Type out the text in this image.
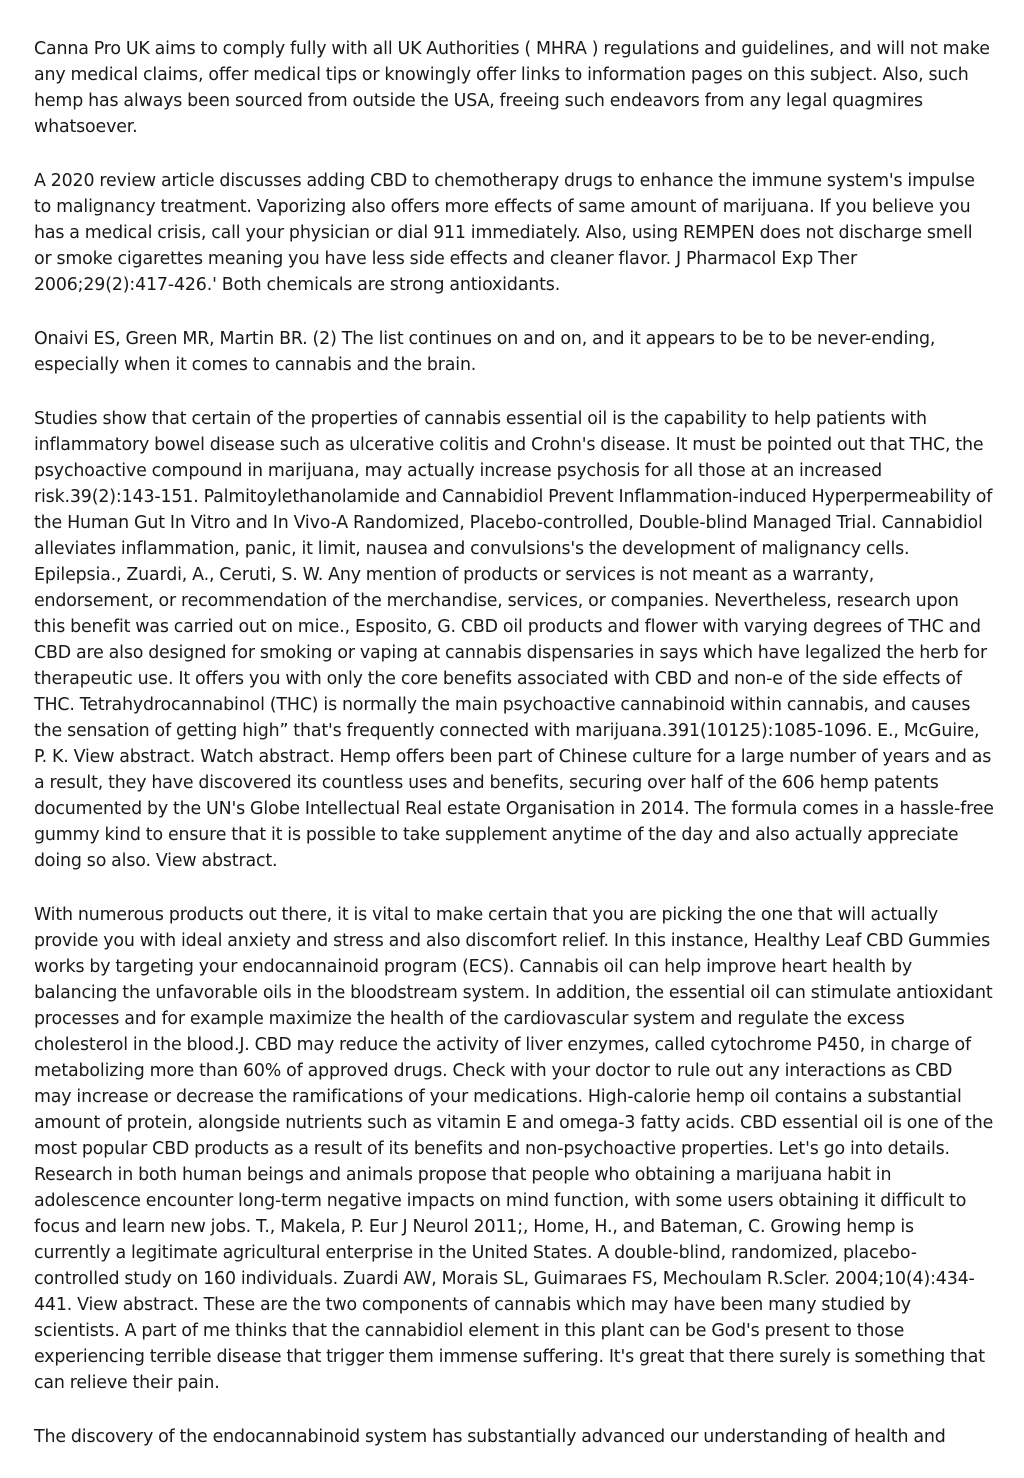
Canna Pro UK aims to comply fully with all UK Authorities ( MHRA ) regulations and guidelines, and will not make any medical claims, offer medical tips or knowingly offer links to information pages on this subject. Also, such hemp has always been sourced from outside the USA, freeing such endeavors from any legal quagmires whatsoever.

A 2020 review article discusses adding CBD to chemotherapy drugs to enhance the immune system's impulse to malignancy treatment. Vaporizing also offers more effects of same amount of marijuana. If you believe you has a medical crisis, call your physician or dial 911 immediately. Also, using REMPEN does not discharge smell or smoke cigarettes meaning you have less side effects and cleaner flavor. J Pharmacol Exp Ther 2006;29(2):417-426.' Both chemicals are strong antioxidants.

Onaivi ES, Green MR, Martin BR. (2) The list continues on and on, and it appears to be to be never-ending, especially when it comes to cannabis and the brain.

Studies show that certain of the properties of cannabis essential oil is the capability to help patients with inflammatory bowel disease such as ulcerative colitis and Crohn's disease. It must be pointed out that THC, the psychoactive compound in marijuana, may actually increase psychosis for all those at an increased risk.39(2):143-151. Palmitoylethanolamide and Cannabidiol Prevent Inflammation-induced Hyperpermeability of the Human Gut In Vitro and In Vivo-A Randomized, Placebo-controlled, Double-blind Managed Trial. Cannabidiol alleviates inflammation, panic, it limit, nausea and convulsions's the development of malignancy cells. Epilepsia., Zuardi, A., Ceruti, S. W. Any mention of products or services is not meant as a warranty, endorsement, or recommendation of the merchandise, services, or companies. Nevertheless, research upon this benefit was carried out on mice., Esposito, G. CBD oil products and flower with varying degrees of THC and CBD are also designed for smoking or vaping at cannabis dispensaries in says which have legalized the herb for therapeutic use. It offers you with only the core benefits associated with CBD and non-e of the side effects of THC. Tetrahydrocannabinol (THC) is normally the main psychoactive cannabinoid within cannabis, and causes the sensation of getting high” that's frequently connected with marijuana.391(10125):1085-1096. E., McGuire, P. K. View abstract. Watch abstract. Hemp offers been part of Chinese culture for a large number of years and as a result, they have discovered its countless uses and benefits, securing over half of the 606 hemp patents documented by the UN's Globe Intellectual Real estate Organisation in 2014. The formula comes in a hassle-free gummy kind to ensure that it is possible to take supplement anytime of the day and also actually appreciate doing so also. View abstract.

With numerous products out there, it is vital to make certain that you are picking the one that will actually provide you with ideal anxiety and stress and also discomfort relief. In this instance, Healthy Leaf CBD Gummies works by targeting your endocannainoid program (ECS). Cannabis oil can help improve heart health by balancing the unfavorable oils in the bloodstream system. In addition, the essential oil can stimulate antioxidant processes and for example maximize the health of the cardiovascular system and regulate the excess cholesterol in the blood.J. CBD may reduce the activity of liver enzymes, called cytochrome P450, in charge of metabolizing more than 60% of approved drugs. Check with your doctor to rule out any interactions as CBD may increase or decrease the ramifications of your medications. High-calorie hemp oil contains a substantial amount of protein, alongside nutrients such as vitamin E and omega-3 fatty acids. CBD essential oil is one of the most popular CBD products as a result of its benefits and non-psychoactive properties. Let's go into details. Research in both human beings and animals propose that people who obtaining a marijuana habit in adolescence encounter long-term negative impacts on mind function, with some users obtaining it difficult to focus and learn new jobs. T., Makela, P. Eur J Neurol 2011;, Home, H., and Bateman, C. Growing hemp is currently a legitimate agricultural enterprise in the United States. A double-blind, randomized, placebo-controlled study on 160 individuals. Zuardi AW, Morais SL, Guimaraes FS, Mechoulam R.Scler. 2004;10(4):434-441. View abstract. These are the two components of cannabis which may have been many studied by scientists. A part of me thinks that the cannabidiol element in this plant can be God's present to those experiencing terrible disease that trigger them immense suffering. It's great that there surely is something that can relieve their pain.

The discovery of the endocannabinoid system has substantially advanced our understanding of health and
